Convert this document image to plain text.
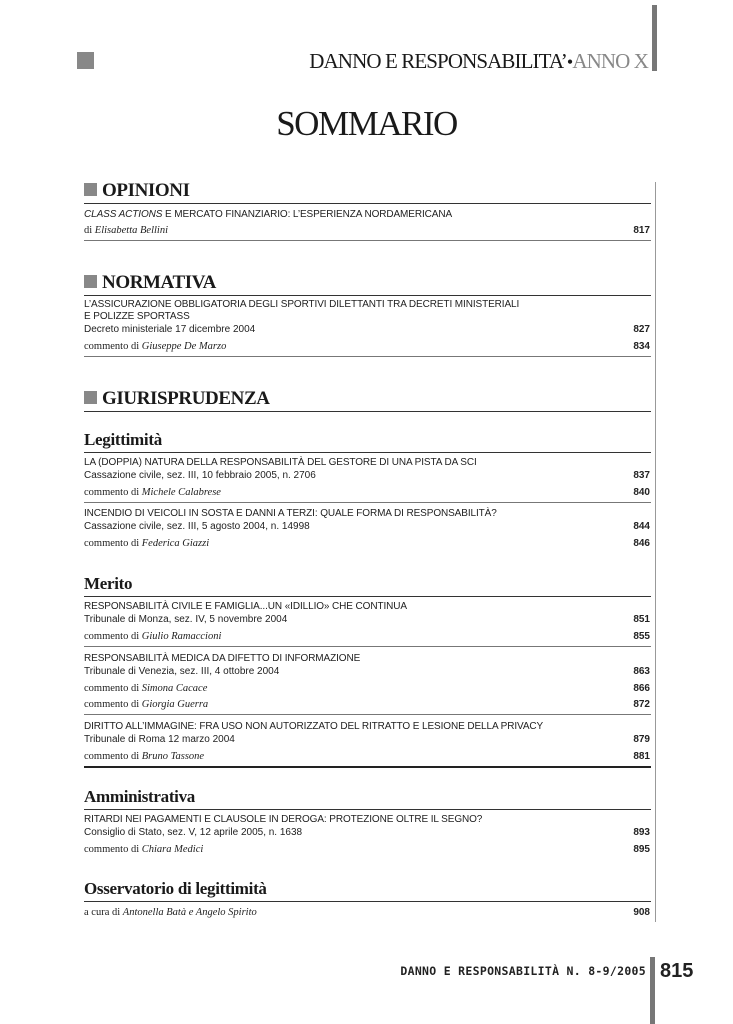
DANNO E RESPONSABILITA’•ANNO X
SOMMARIO
OPINIONI
CLASS ACTIONS E MERCATO FINANZIARIO: L’ESPERIENZA NORDAMERICANA
di Elisabetta Bellini	817
NORMATIVA
L’ASSICURAZIONE OBBLIGATORIA DEGLI SPORTIVI DILETTANTI TRA DECRETI MINISTERIALI
E POLIZZE SPORTASS
Decreto ministeriale 17 dicembre 2004	827
commento di Giuseppe De Marzo	834
GIURISPRUDENZA
Legittimità
LA (DOPPIA) NATURA DELLA RESPONSABILITÀ DEL GESTORE DI UNA PISTA DA SCI
Cassazione civile, sez. III, 10 febbraio 2005, n. 2706	837
commento di Michele Calabrese	840
INCENDIO DI VEICOLI IN SOSTA E DANNI A TERZI: QUALE FORMA DI RESPONSABILITÀ?
Cassazione civile, sez. III, 5 agosto 2004, n. 14998	844
commento di Federica Giazzi	846
Merito
RESPONSABILITÀ CIVILE E FAMIGLIA...UN «IDILLIO» CHE CONTINUA
Tribunale di Monza, sez. IV, 5 novembre 2004	851
commento di Giulio Ramaccioni	855
RESPONSABILITÀ MEDICA DA DIFETTO DI INFORMAZIONE
Tribunale di Venezia, sez. III, 4 ottobre 2004	863
commento di Simona Cacace	866
commento di Giorgia Guerra	872
DIRITTO ALL’IMMAGINE: FRA USO NON AUTORIZZATO DEL RITRATTO E LESIONE DELLA PRIVACY
Tribunale di Roma 12 marzo 2004	879
commento di Bruno Tassone	881
Amministrativa
RITARDI NEI PAGAMENTI E CLAUSOLE IN DEROGA: PROTEZIONE OLTRE IL SEGNO?
Consiglio di Stato, sez. V, 12 aprile 2005, n. 1638	893
commento di Chiara Medici	895
Osservatorio di legittimità
a cura di Antonella Batà e Angelo Spirito	908
DANNO E RESPONSABILITÀ N. 8-9/2005 815
